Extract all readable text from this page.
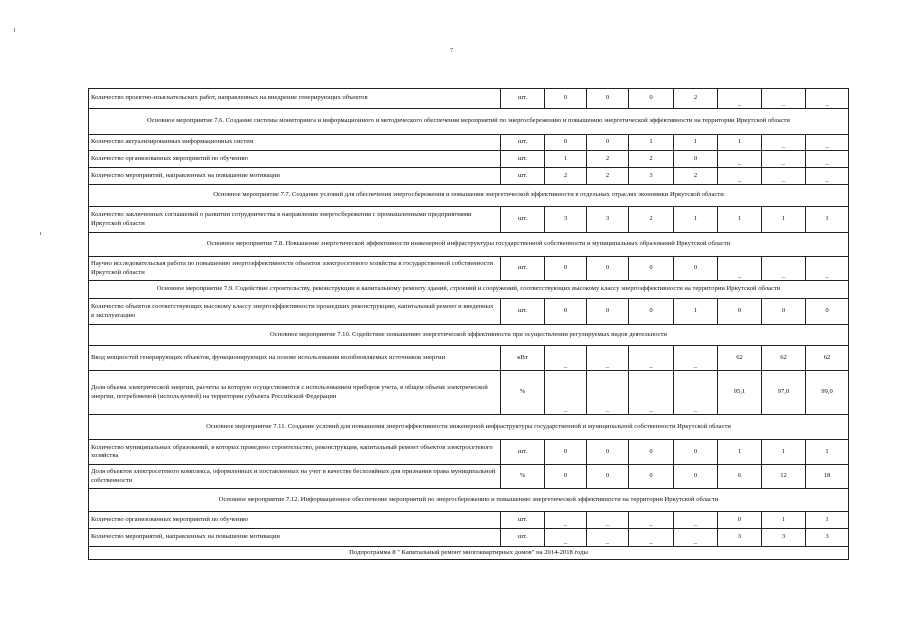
7
Количество проектно-изыскательских работ, направленных на внедрение генерирующих объектов	шт.	0	0	0	2	_	_	_
Основное мероприятие 7.6. Создание системы мониторинга и информационного и методического обеспечения мероприятий по энергосбережению и повышению энергетической эффективности на территории Иркутской области								
Количество актуализированных информационных систем	шт.	0	0	1	1	1	_	_
Количество организованных мероприятий по обучению	шт.	1	2	2	0	_	_	_
Количество мероприятий, направленных на повышение мотивации	шт.	2	2	3	2	_	_	_
Основное мероприятие 7.7. Создание условий для обеспечения энергосбережения и повышения энергетической эффективности в отдельных отраслях экономики Иркутской области								
Количество заключенных соглашений о развитии сотрудничества в направлении энергосбережения с промышленными предприятиями Иркутской области	шт.	3	3	2	1	1	1	1
Основное мероприятие 7.8. Повышение энергетической эффективности инженерной инфраструктуры государственной собственности и муниципальных образований Иркутской области								
Научно исследовательская работа по повышению энергоэффективности объектов электросетевого хозяйства в государственной собственности Иркутской области	шт.	0	0	0	0	_	_	_
Основное мероприятие 7.9. Содействие строительству, реконструкции и капитальному ремонту зданий, строений и сооружений, соответствующих высокому классу энергоэффективности на территории Иркутской области								
Количество объектов соответствующих высокому классу энергоэффективности прошедших реконструкцию, капитальный ремонт и введенных в эксплуатацию	шт.	0	0	0	1	0	0	0
Основное мероприятие 7.10. Содействие повышению энергетической эффективности при осуществлении регулируемых видов деятельности								
Ввод мощностей генерирующих объектов, функционирующих на основе использования возобновляемых источников энергии	кВт	_	_	_	_	62	62	62
Доля объема электрической энергии, расчеты за которую осуществляются с использованием приборов учета, в общем объеме электрической энергии, потребляемой (используемой) на территории субъекта Российской Федерации	%	_	_	_	_	95,1	97,0	99,0
Основное мероприятие 7.11. Создание условий для повышения энергоэффективности инженерной инфраструктуры государственной и муниципальной собственности Иркутской области								
Количество муниципальных образований, в которых проведено строительство, реконструкция, капитальный ремонт объектов электросетевого хозяйства	шт.	0	0	0	0	1	1	1
Доля объектов электросетевого комплекса, оформленных и поставленных на учет в качестве бесхозяйных для признания права муниципальной собственности	%	0	0	0	0	6	12	18
Основное мероприятие 7.12. Информационное обеспечение мероприятий по энергосбережению и повышению энергетической эффективности на территории Иркутской области								
Количество организованных мероприятий по обучению	шт.	_	_	_	_	0	1	1
Количество мероприятий, направленных на повышение мотивации	шт.	_	_	_	_	3	3	3
Подпрограмма 8 " Капитальный ремонт многоквартирных домов" на 2014-2018 годы								
